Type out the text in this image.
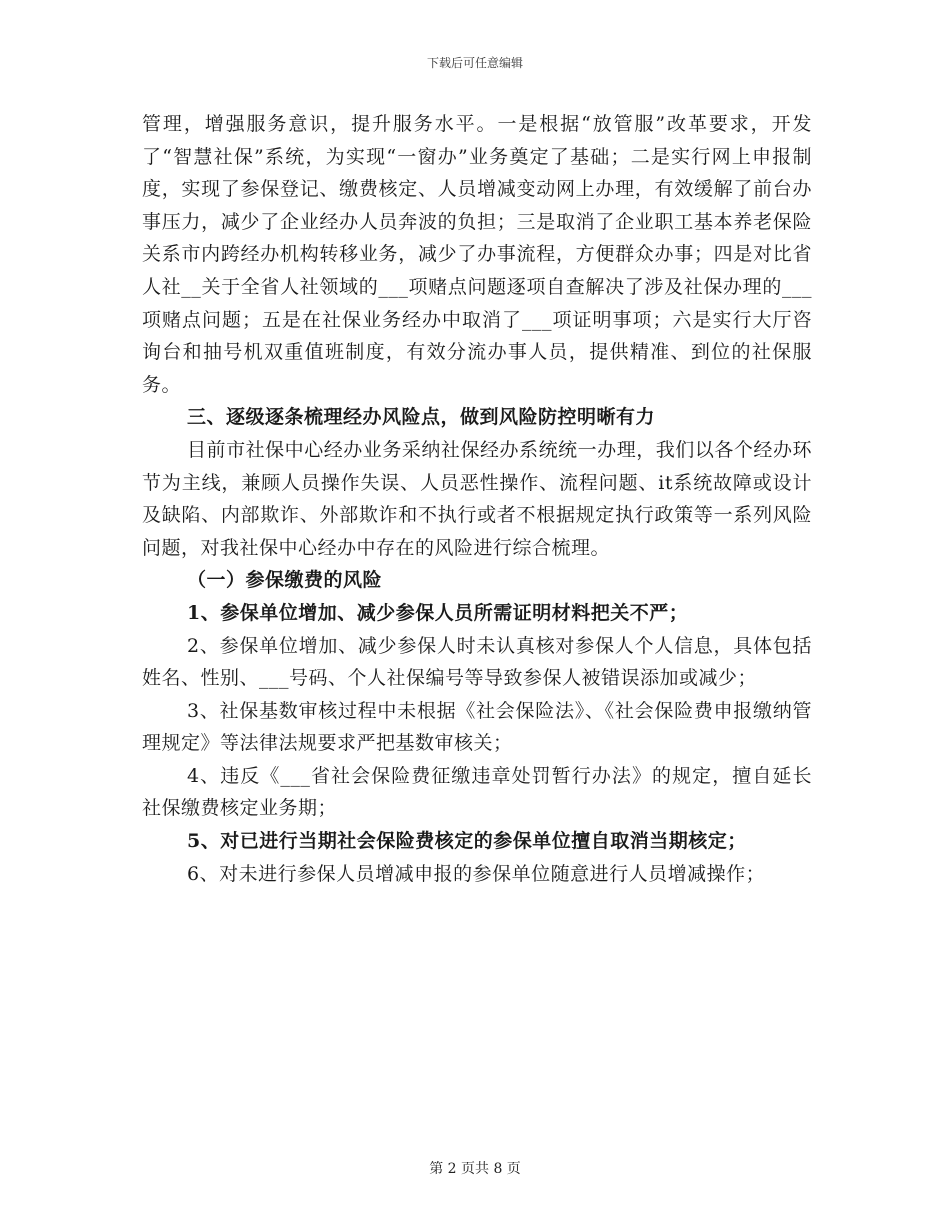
下载后可任意编辑

管理，增强服务意识，提升服务水平。一是根据“放管服”改革要求，开发了“智慧社保”系统，为实现“一窗办”业务奠定了基础；二是实行网上申报制度，实现了参保登记、缴费核定、人员增减变动网上办理，有效缓解了前台办事压力，减少了企业经办人员奔波的负担；三是取消了企业职工基本养老保险关系市内跨经办机构转移业务，减少了办事流程，方便群众办事；四是对比省人社__关于全省人社领域的___项赌点问题逐项自查解决了涉及社保办理的___项赌点问题；五是在社保业务经办中取消了___项证明事项；六是实行大厅咨询台和抽号机双重值班制度，有效分流办事人员，提供精准、到位的社保服务。

三、逐级逐条梳理经办风险点，做到风险防控明晰有力

目前市社保中心经办业务采纳社保经办系统统一办理，我们以各个经办环节为主线，兼顾人员操作失误、人员恶性操作、流程问题、it系统故障或设计及缺陷、内部欺诈、外部欺诈和不执行或者不根据规定执行政策等一系列风险问题，对我社保中心经办中存在的风险进行综合梳理。

（一）参保缴费的风险

1、参保单位增加、减少参保人员所需证明材料把关不严；

2、参保单位增加、减少参保人时未认真核对参保人个人信息，具体包括姓名、性别、___号码、个人社保编号等导致参保人被错误添加或减少；

3、社保基数审核过程中未根据《社会保险法》、《社会保险费申报缴纳管理规定》等法律法规要求严把基数审核关；

4、违反《___省社会保险费征缴违章处罚暂行办法》的规定，擅自延长社保缴费核定业务期；

5、对已进行当期社会保险费核定的参保单位擅自取消当期核定；

6、对未进行参保人员增减申报的参保单位随意进行人员增减操作；

第 2 页共 8 页
